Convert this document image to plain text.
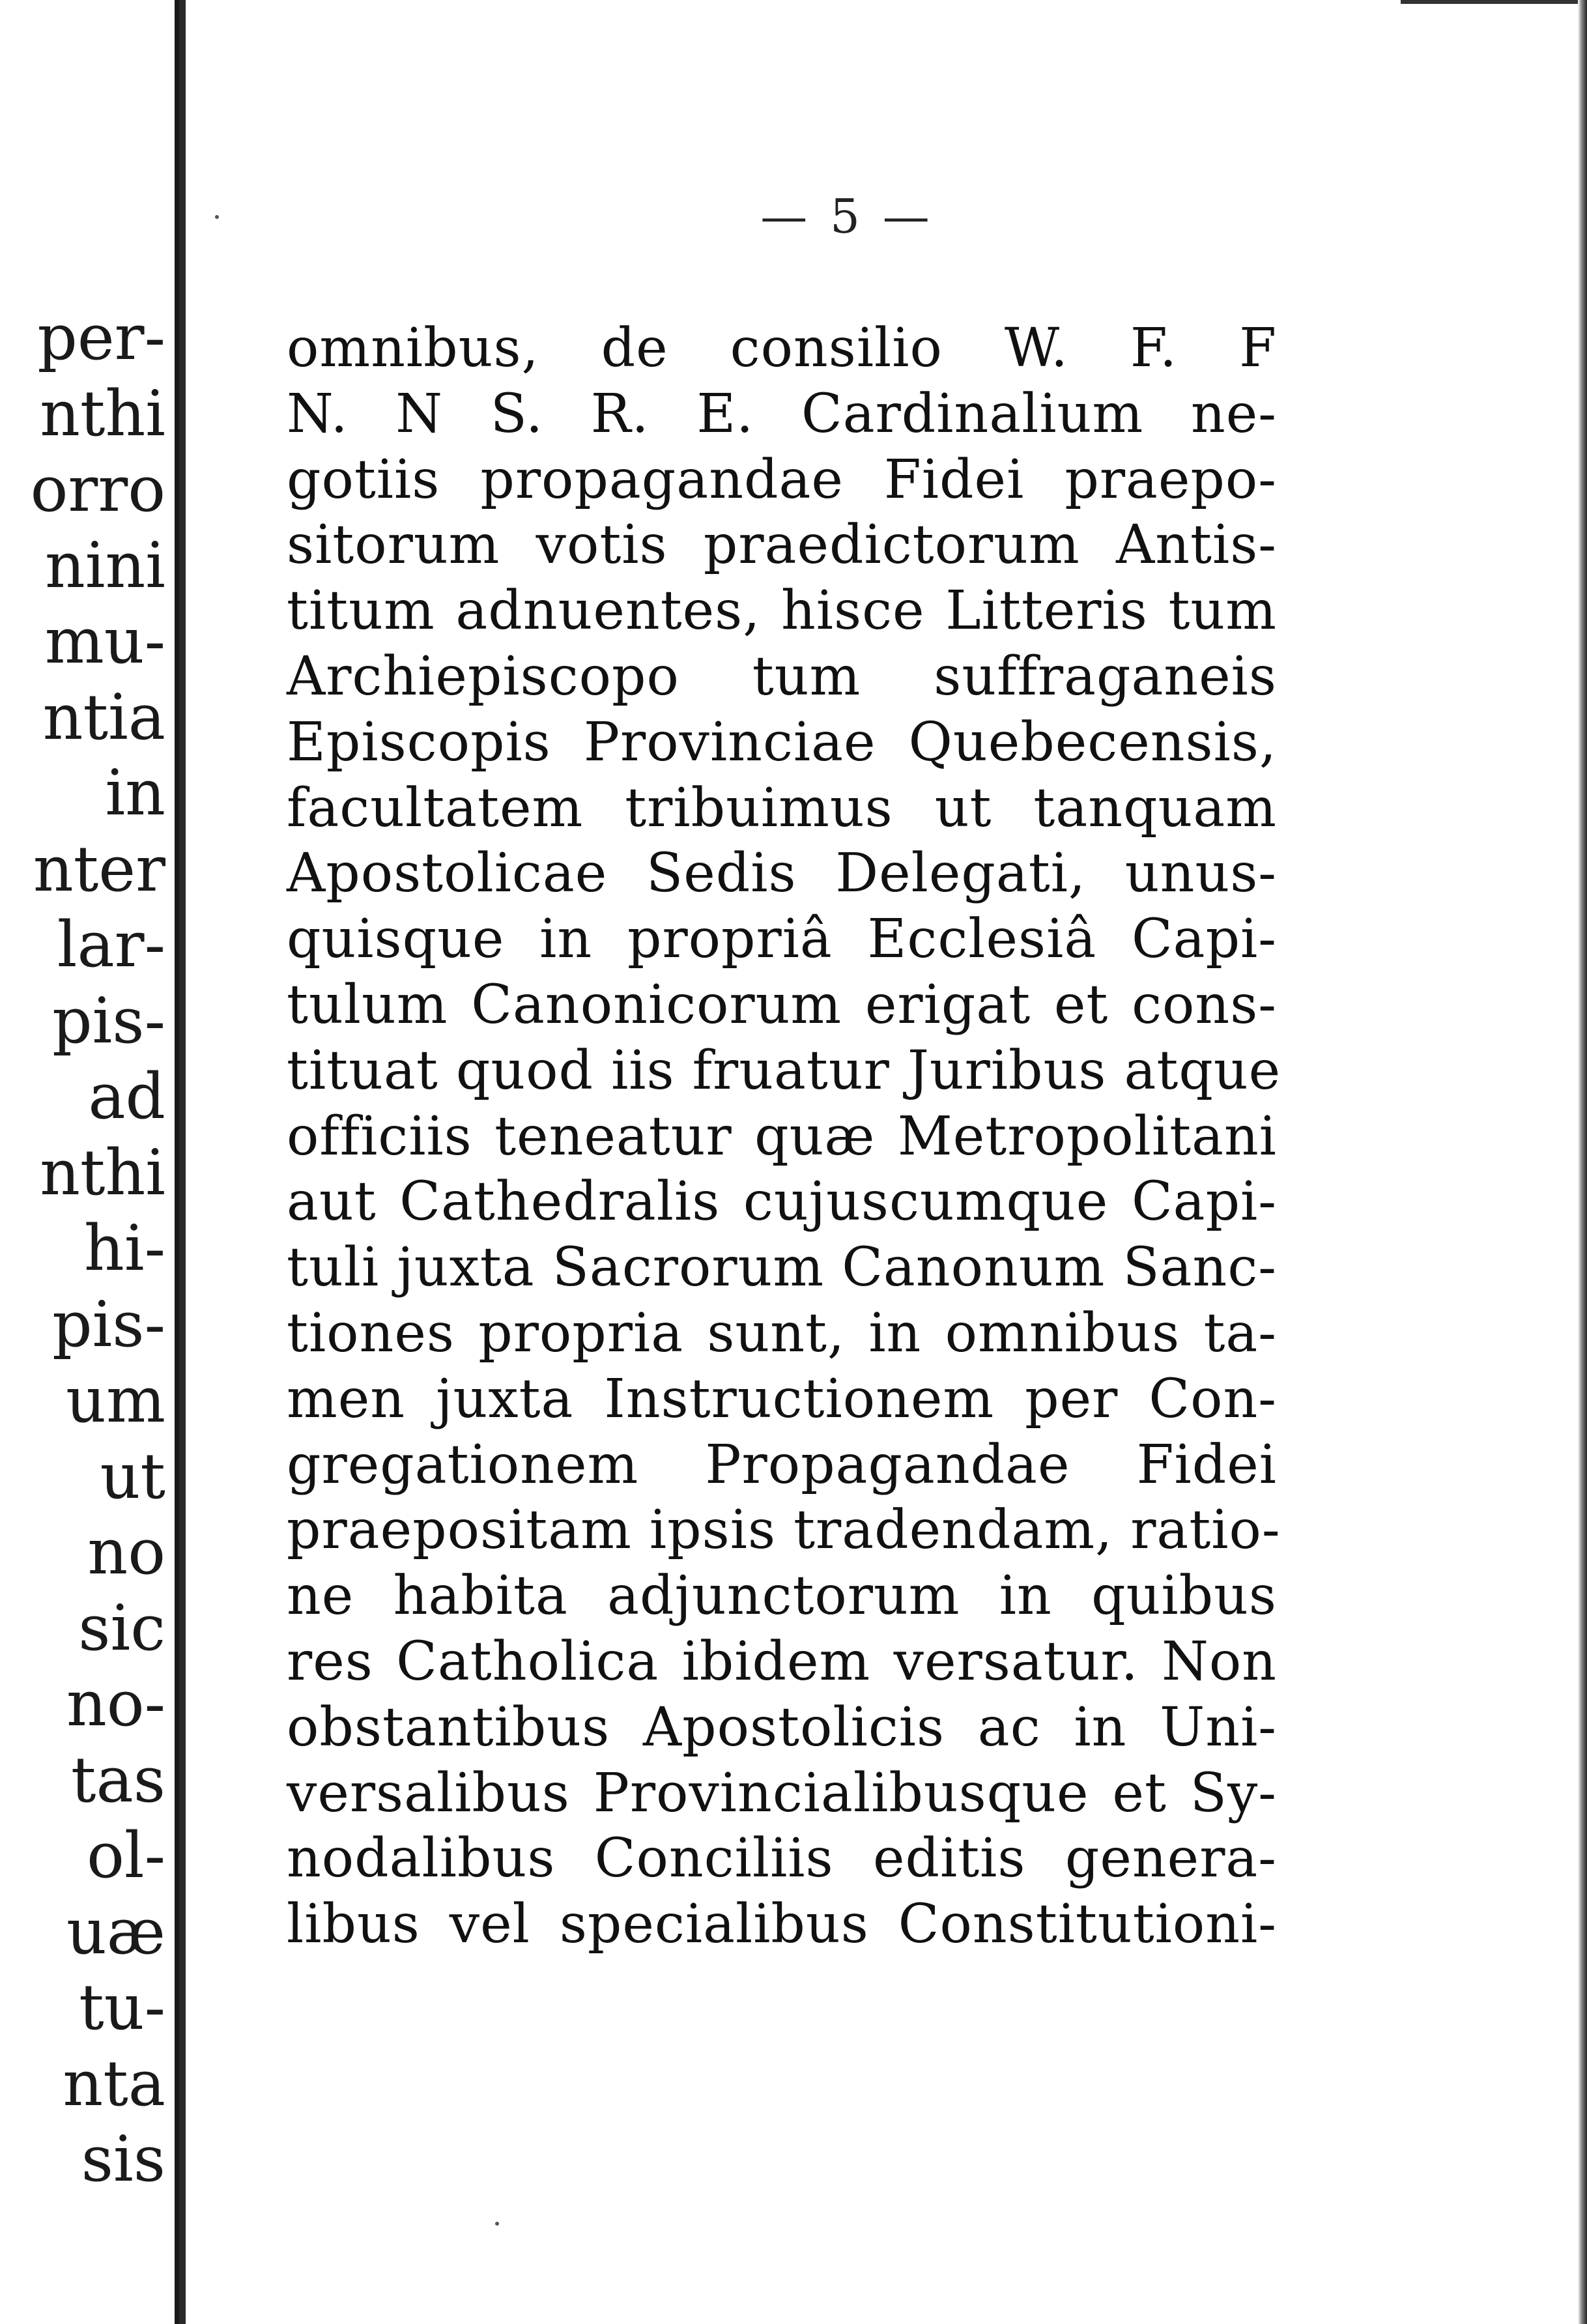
per-
nthi
orro
nini
mu-
ntia
in
nter
lar-
pis-
ad
nthi
hi-
pis-
um
ut
no
sic
no-
tas
ol-
uæ
tu-
nta
sis
— 5 —
omnibus, de consilio W. F. F
N. N S. R. E. Cardinalium ne-
gotiis propagandae Fidei praepo-
sitorum votis praedictorum Antis-
titum adnuentes, hisce Litteris tum
Archiepiscopo tum suffraganeis
Episcopis Provinciae Quebecensis,
facultatem tribuimus ut tanquam
Apostolicae Sedis Delegati, unus-
quisque in propriâ Ecclesiâ Capi-
tulum Canonicorum erigat et cons-
tituat quod iis fruatur Juribus atque
officiis teneatur quæ Metropolitani
aut Cathedralis cujuscumque Capi-
tuli juxta Sacrorum Canonum Sanc-
tiones propria sunt, in omnibus ta-
men juxta Instructionem per Con-
gregationem Propagandae Fidei
praepositam ipsis tradendam, ratio-
ne habita adjunctorum in quibus
res Catholica ibidem versatur. Non
obstantibus Apostolicis ac in Uni-
versalibus Provincialibusque et Sy-
nodalibus Conciliis editis genera-
libus vel specialibus Constitutioni-
